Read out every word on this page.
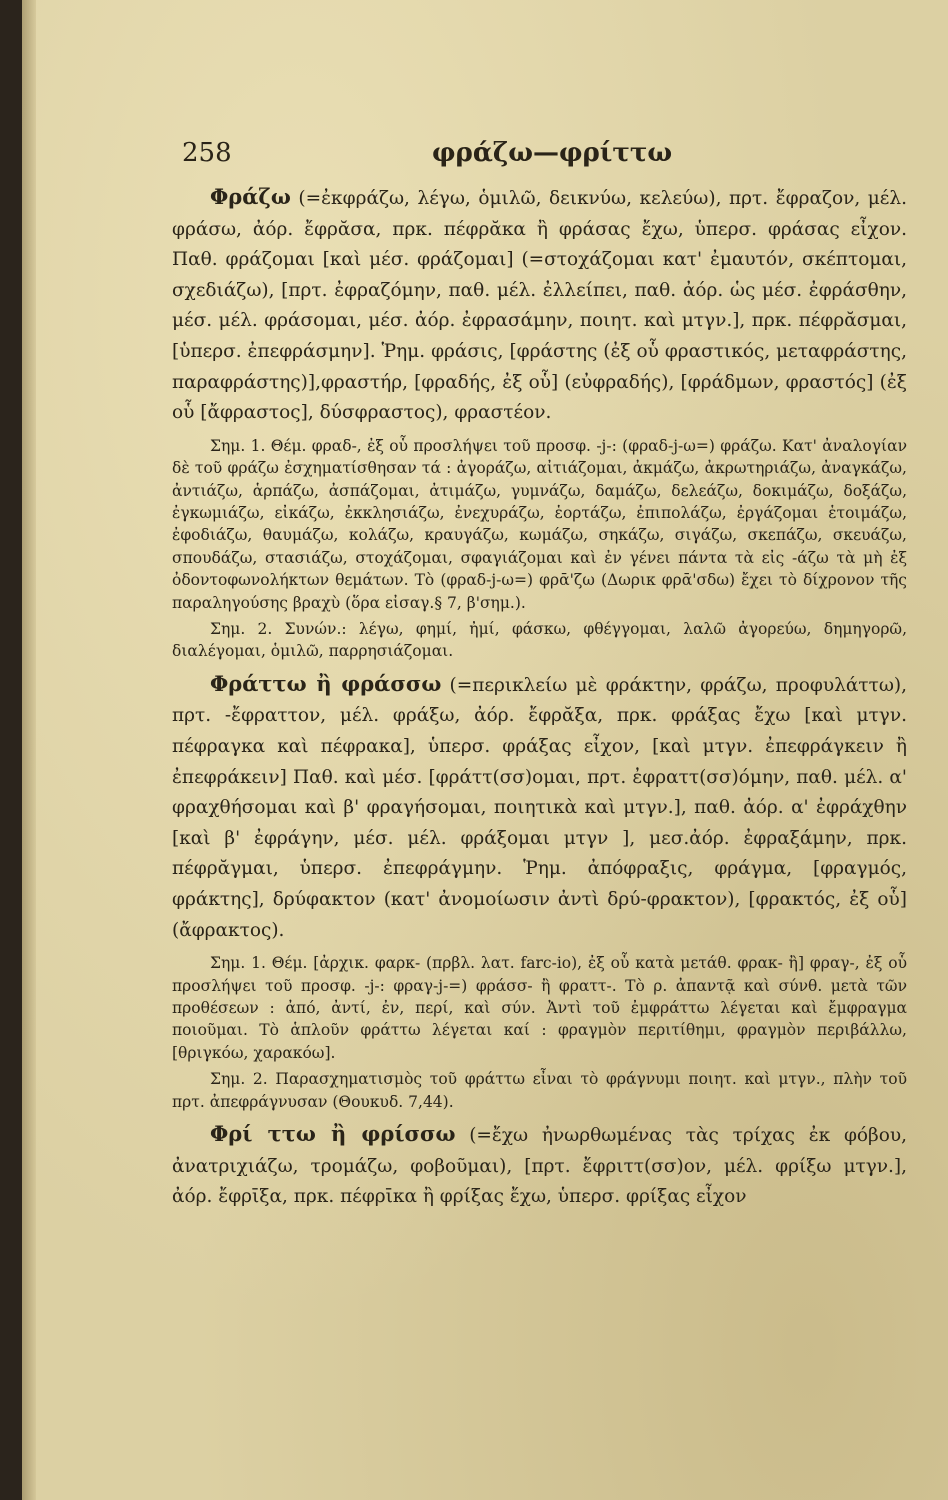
258	φράζω—φρίττω

Φράζω (=ἐκφράζω, λέγω, ὁμιλῶ, δεικνύω, κελεύω), πρτ. ἔφραζον, μέλ. φράσω, ἀόρ. ἔφρᾰσα, πρκ. πέφρᾰκα ἢ φράσας ἔχω, ὑπερσ. φράσας εἶχον. Παθ. φράζομαι [καὶ μέσ. φράζομαι] (=στοχάζομαι κατ' ἐμαυτόν, σκέπτομαι, σχεδιάζω), [πρτ. ἐφραζόμην, παθ. μέλ. ἐλλείπει, παθ. ἀόρ. ὡς μέσ. ἐφράσθην, μέσ. μέλ. φράσομαι, μέσ. ἀόρ. ἐφρασάμην, ποιητ. καὶ μτγν.], πρκ. πέφρᾰσμαι, [ὑπερσ. ἐπεφράσμην]. Ῥημ. φράσις, [φράστης (ἐξ οὗ φραστικός, μεταφράστης, παραφράστης)],φραστήρ, [φραδής, ἐξ οὗ] (εὐφραδής), [φράδμων, φραστός] (ἐξ οὗ [ἄφραστος], δύσφραστος), φραστέον.

Σημ. 1. Θέμ. φραδ-, ἐξ οὗ προσλήψει τοῦ προσφ. -j-: (φραδ-j-ω=) φράζω. Κατ' ἀναλογίαν δὲ τοῦ φράζω ἐσχηματίσθησαν τά : ἀγοράζω, αἰτιάζομαι, ἀκμάζω, ἀκρωτηριάζω, ἀναγκάζω, ἀντιάζω, ἁρπάζω, ἀσπάζομαι, ἀτιμάζω, γυμνάζω, δαμάζω, δελεάζω, δοκιμάζω, δοξάζω, ἐγκωμιάζω, εἰκάζω, ἐκκλησιάζω, ἐνεχυράζω, ἑορτάζω, ἐπιπολάζω, ἐργάζομαι ἑτοιμάζω, ἐφοδιάζω, θαυμάζω, κολάζω, κραυγάζω, κωμάζω, σηκάζω, σιγάζω, σκεπάζω, σκευάζω, σπουδάζω, στασιάζω, στοχάζομαι, σφαγιάζομαι καὶ ἐν γένει πάντα τὰ εἰς -άζω τὰ μὴ ἐξ ὀδοντοφωνολήκτων θεμάτων. Τὸ (φραδ-j-ω=) φρᾱ'ζω (Δωρικ φρᾱ'σδω) ἔχει τὸ δίχρονον τῆς παραληγούσης βραχὺ (ὅρα εἰσαγ.§ 7, β'σημ.).

Σημ. 2. Συνών.: λέγω, φημί, ἠμί, φάσκω, φθέγγομαι, λαλῶ ἀγορεύω, δημηγορῶ, διαλέγομαι, ὁμιλῶ, παρρησιάζομαι.

Φράττω ἢ φράσσω (=περικλείω μὲ φράκτην, φράζω, προφυλάττω), πρτ. -ἔφραττον, μέλ. φράξω, ἀόρ. ἔφρᾰξα, πρκ. φράξας ἔχω [καὶ μτγν. πέφραγκα καὶ πέφρακα], ὑπερσ. φράξας εἶχον, [καὶ μτγν. ἐπεφράγκειν ἢ ἐπεφράκειν] Παθ. καὶ μέσ. [φράττ(σσ)ομαι, πρτ. ἐφραττ(σσ)όμην, παθ. μέλ. α' φραχθήσομαι καὶ β' φραγήσομαι, ποιητικὰ καὶ μτγν.], παθ. ἀόρ. α' ἐφράχθην [καὶ β' ἐφράγην, μέσ. μέλ. φράξομαι μτγν ], μεσ.ἀόρ. ἐφραξάμην, πρκ. πέφρᾰγμαι, ὑπερσ. ἐπεφράγμην. Ῥημ. ἀπόφραξις, φράγμα, [φραγμός, φράκτης], δρύφακτον (κατ' ἀνομοίωσιν ἀντὶ δρύ-φρακτον), [φρακτός, ἐξ οὗ] (ἄφρακτος).

Σημ. 1. Θέμ. [ἀρχικ. φαρκ- (πρβλ. λατ. farc-io), ἐξ οὗ κατὰ μετάθ. φρακ- ἢ] φραγ-, ἐξ οὗ προσλήψει τοῦ προσφ. -j-: φραγ-j-=) φράσσ- ἢ φραττ-. Τὸ ρ. ἀπαντᾷ καὶ σύνθ. μετὰ τῶν προθέσεων : ἀπό, ἀντί, ἐν, περί, καὶ σύν. Ἀντὶ τοῦ ἐμφράττω λέγεται καὶ ἔμφραγμα ποιοῦμαι. Τὸ ἁπλοῦν φράττω λέγεται καί : φραγμὸν περιτίθημι, φραγμὸν περιβάλλω, [θριγκόω, χαρακόω].

Σημ. 2. Παρασχηματισμὸς τοῦ φράττω εἶναι τὸ φράγνυμι ποιητ. καὶ μτγν., πλὴν τοῦ πρτ. ἀπεφράγνυσαν (Θουκυδ. 7,44).

Φρί ττω ἢ φρίσσω (=ἔχω ἠνωρθωμένας τὰς τρίχας ἐκ φόβου, ἀνατριχιάζω, τρομάζω, φοβοῦμαι), [πρτ. ἔφριττ(σσ)ον, μέλ. φρίξω μτγν.], ἀόρ. ἔφρῑξα, πρκ. πέφρῑκα ἢ φρίξας ἔχω, ὑπερσ. φρίξας εἶχον
